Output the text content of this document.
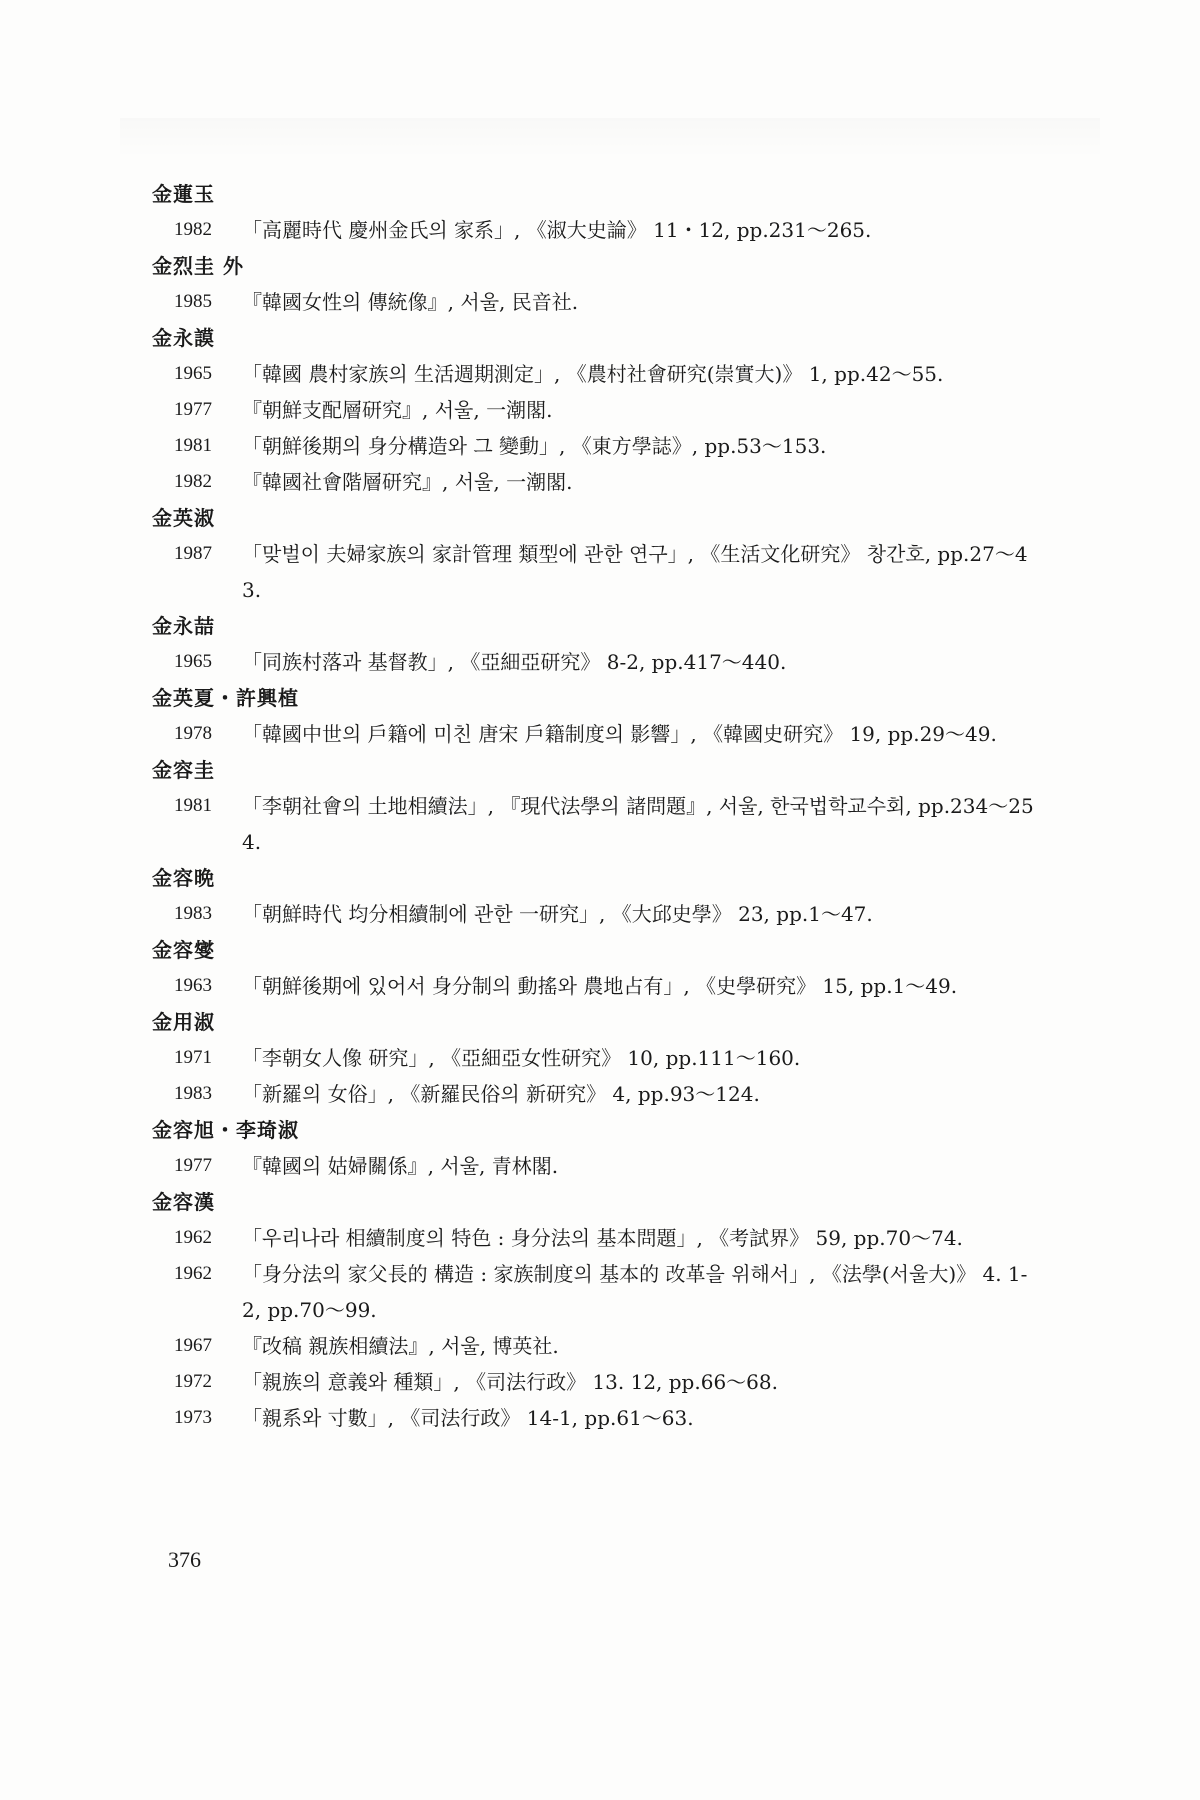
金蓮玉
1982	「高麗時代 慶州金氏의 家系」, 《淑大史論》 11・12, pp.231～265.
金烈圭 外
1985	『韓國女性의 傳統像』, 서울, 民音社.
金永謨
1965	「韓國 農村家族의 生活週期測定」, 《農村社會研究(崇實大)》 1, pp.42～55.
1977	『朝鮮支配層研究』, 서울, 一潮閣.
1981	「朝鮮後期의 身分構造와 그 變動」, 《東方學誌》, pp.53～153.
1982	『韓國社會階層研究』, 서울, 一潮閣.
金英淑
1987	「맞벌이 夫婦家族의 家計管理 類型에 관한 연구」, 《生活文化研究》 창간호, pp.27～43.
金永喆
1965	「同族村落과 基督教」, 《亞細亞研究》 8-2, pp.417～440.
金英夏・許興植
1978	「韓國中世의 戶籍에 미친 唐宋 戶籍制度의 影響」, 《韓國史研究》 19, pp.29～49.
金容圭
1981	「李朝社會의 土地相續法」, 『現代法學의 諸問題』, 서울, 한국법학교수회, pp.234～254.
金容晩
1983	「朝鮮時代 均分相續制에 관한 一研究」, 《大邱史學》 23, pp.1～47.
金容燮
1963	「朝鮮後期에 있어서 身分制의 動搖와 農地占有」, 《史學研究》 15, pp.1～49.
金用淑
1971	「李朝女人像 研究」, 《亞細亞女性研究》 10, pp.111～160.
1983	「新羅의 女俗」, 《新羅民俗의 新研究》 4, pp.93～124.
金容旭・李琦淑
1977	『韓國의 姑婦關係』, 서울, 青林閣.
金容漢
1962	「우리나라 相續制度의 特色 : 身分法의 基本問題」, 《考試界》 59, pp.70～74.
1962	「身分法의 家父長的 構造 : 家族制度의 基本的 改革을 위해서」, 《法學(서울大)》 4. 1-2, pp.70～99.
1967	『改稿 親族相續法』, 서울, 博英社.
1972	「親族의 意義와 種類」, 《司法行政》 13. 12, pp.66～68.
1973	「親系와 寸數」, 《司法行政》 14-1, pp.61～63.
376
